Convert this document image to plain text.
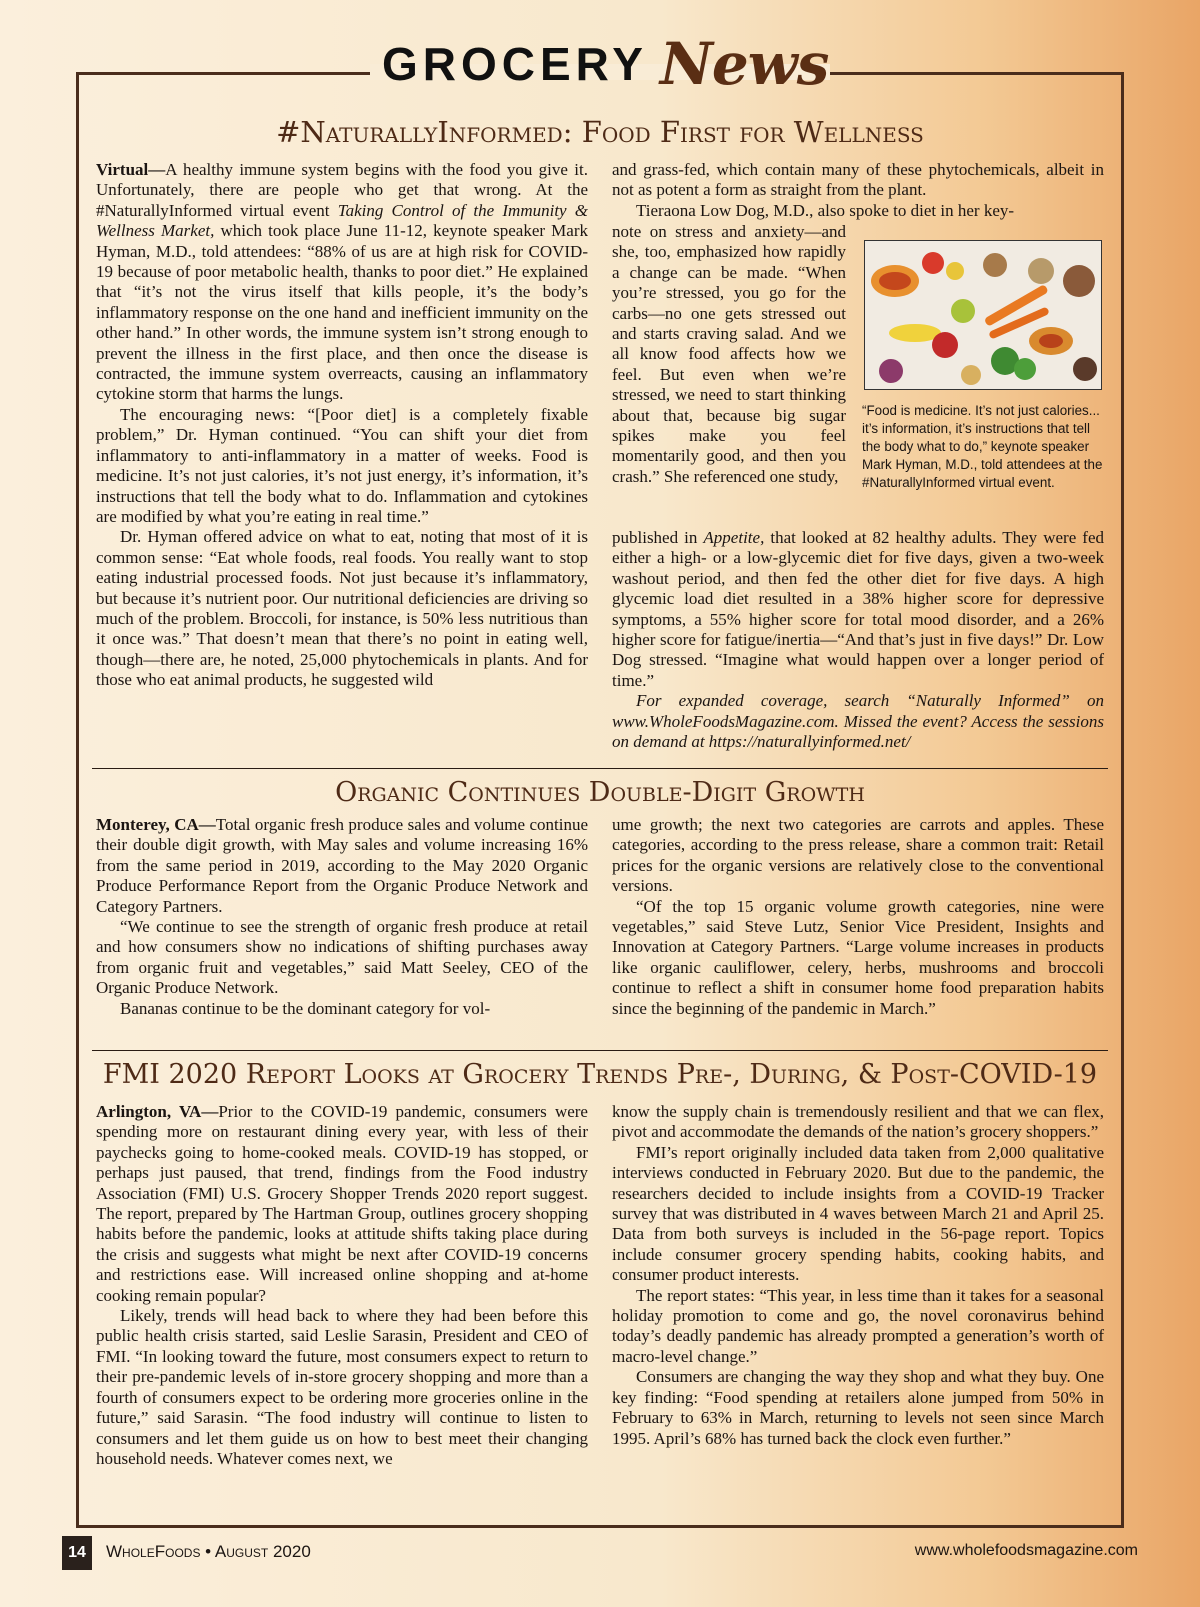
GROCERY News
#NaturallyInformed: Food First for Wellness

Virtual—A healthy immune system begins with the food you give it. Unfortunately, there are people who get that wrong. At the #NaturallyInformed virtual event Taking Control of the Immunity & Wellness Market, which took place June 11-12, keynote speaker Mark Hyman, M.D., told attendees: “88% of us are at high risk for COVID-19 because of poor metabolic health, thanks to poor diet.” He explained that “it’s not the virus itself that kills people, it’s the body’s inflammatory response on the one hand and inefficient immunity on the other hand.” In other words, the immune system isn’t strong enough to prevent the illness in the first place, and then once the disease is contracted, the immune system overreacts, causing an inflammatory cytokine storm that harms the lungs.

The encouraging news: “[Poor diet] is a completely fixable problem,” Dr. Hyman continued. “You can shift your diet from inflammatory to anti-inflammatory in a matter of weeks. Food is medicine. It’s not just calories, it’s not just energy, it’s information, it’s instructions that tell the body what to do. Inflammation and cytokines are modified by what you’re eating in real time.”

Dr. Hyman offered advice on what to eat, noting that most of it is common sense: “Eat whole foods, real foods. You really want to stop eating industrial processed foods. Not just because it’s inflammatory, but because it’s nutrient poor. Our nutritional deficiencies are driving so much of the problem. Broccoli, for instance, is 50% less nutritious than it once was.” That doesn’t mean that there’s no point in eating well, though—there are, he noted, 25,000 phytochemicals in plants. And for those who eat animal products, he suggested wild

and grass-fed, which contain many of these phytochemicals, albeit in not as potent a form as straight from the plant.

Tieraona Low Dog, M.D., also spoke to diet in her key-

note on stress and anxiety—and she, too, emphasized how rapidly a change can be made. “When you’re stressed, you go for the carbs—no one gets stressed out and starts craving salad. And we all know food affects how we feel. But even when we’re stressed, we need to start thinking about that, because big sugar spikes make you feel momentarily good, and then you crash.” She referenced one study,

“Food is medicine. It’s not just calories... it’s information, it’s instructions that tell the body what to do,” keynote speaker Mark Hyman, M.D., told attendees at the #NaturallyInformed virtual event.

published in Appetite, that looked at 82 healthy adults. They were fed either a high- or a low-glycemic diet for five days, given a two-week washout period, and then fed the other diet for five days. A high glycemic load diet resulted in a 38% higher score for depressive symptoms, a 55% higher score for total mood disorder, and a 26% higher score for fatigue/inertia—“And that’s just in five days!” Dr. Low Dog stressed. “Imagine what would happen over a longer period of time.”

For expanded coverage, search “Naturally Informed” on www.WholeFoodsMagazine.com. Missed the event? Access the sessions on demand at https://naturallyinformed.net/

Organic Continues Double-Digit Growth

Monterey, CA—Total organic fresh produce sales and volume continue their double digit growth, with May sales and volume increasing 16% from the same period in 2019, according to the May 2020 Organic Produce Performance Report from the Organic Produce Network and Category Partners.

“We continue to see the strength of organic fresh produce at retail and how consumers show no indications of shifting purchases away from organic fruit and vegetables,” said Matt Seeley, CEO of the Organic Produce Network.

Bananas continue to be the dominant category for vol-

ume growth; the next two categories are carrots and apples. These categories, according to the press release, share a common trait: Retail prices for the organic versions are relatively close to the conventional versions.

“Of the top 15 organic volume growth categories, nine were vegetables,” said Steve Lutz, Senior Vice President, Insights and Innovation at Category Partners. “Large volume increases in products like organic cauliflower, celery, herbs, mushrooms and broccoli continue to reflect a shift in consumer home food preparation habits since the beginning of the pandemic in March.”

FMI 2020 Report Looks at Grocery Trends Pre-, During, & Post-COVID-19

Arlington, VA—Prior to the COVID-19 pandemic, consumers were spending more on restaurant dining every year, with less of their paychecks going to home-cooked meals. COVID-19 has stopped, or perhaps just paused, that trend, findings from the Food industry Association (FMI) U.S. Grocery Shopper Trends 2020 report suggest. The report, prepared by The Hartman Group, outlines grocery shopping habits before the pandemic, looks at attitude shifts taking place during the crisis and suggests what might be next after COVID-19 concerns and restrictions ease. Will increased online shopping and at-home cooking remain popular?

Likely, trends will head back to where they had been before this public health crisis started, said Leslie Sarasin, President and CEO of FMI. “In looking toward the future, most consumers expect to return to their pre-pandemic levels of in-store grocery shopping and more than a fourth of consumers expect to be ordering more groceries online in the future,” said Sarasin. “The food industry will continue to listen to consumers and let them guide us on how to best meet their changing household needs. Whatever comes next, we

know the supply chain is tremendously resilient and that we can flex, pivot and accommodate the demands of the nation’s grocery shoppers.”

FMI’s report originally included data taken from 2,000 qualitative interviews conducted in February 2020. But due to the pandemic, the researchers decided to include insights from a COVID-19 Tracker survey that was distributed in 4 waves between March 21 and April 25. Data from both surveys is included in the 56-page report. Topics include consumer grocery spending habits, cooking habits, and consumer product interests.

The report states: “This year, in less time than it takes for a seasonal holiday promotion to come and go, the novel coronavirus behind today’s deadly pandemic has already prompted a generation’s worth of macro-level change.”

Consumers are changing the way they shop and what they buy. One key finding: “Food spending at retailers alone jumped from 50% in February to 63% in March, returning to levels not seen since March 1995. April’s 68% has turned back the clock even further.”

14	WholeFoods • August 2020	www.wholefoodsmagazine.com
